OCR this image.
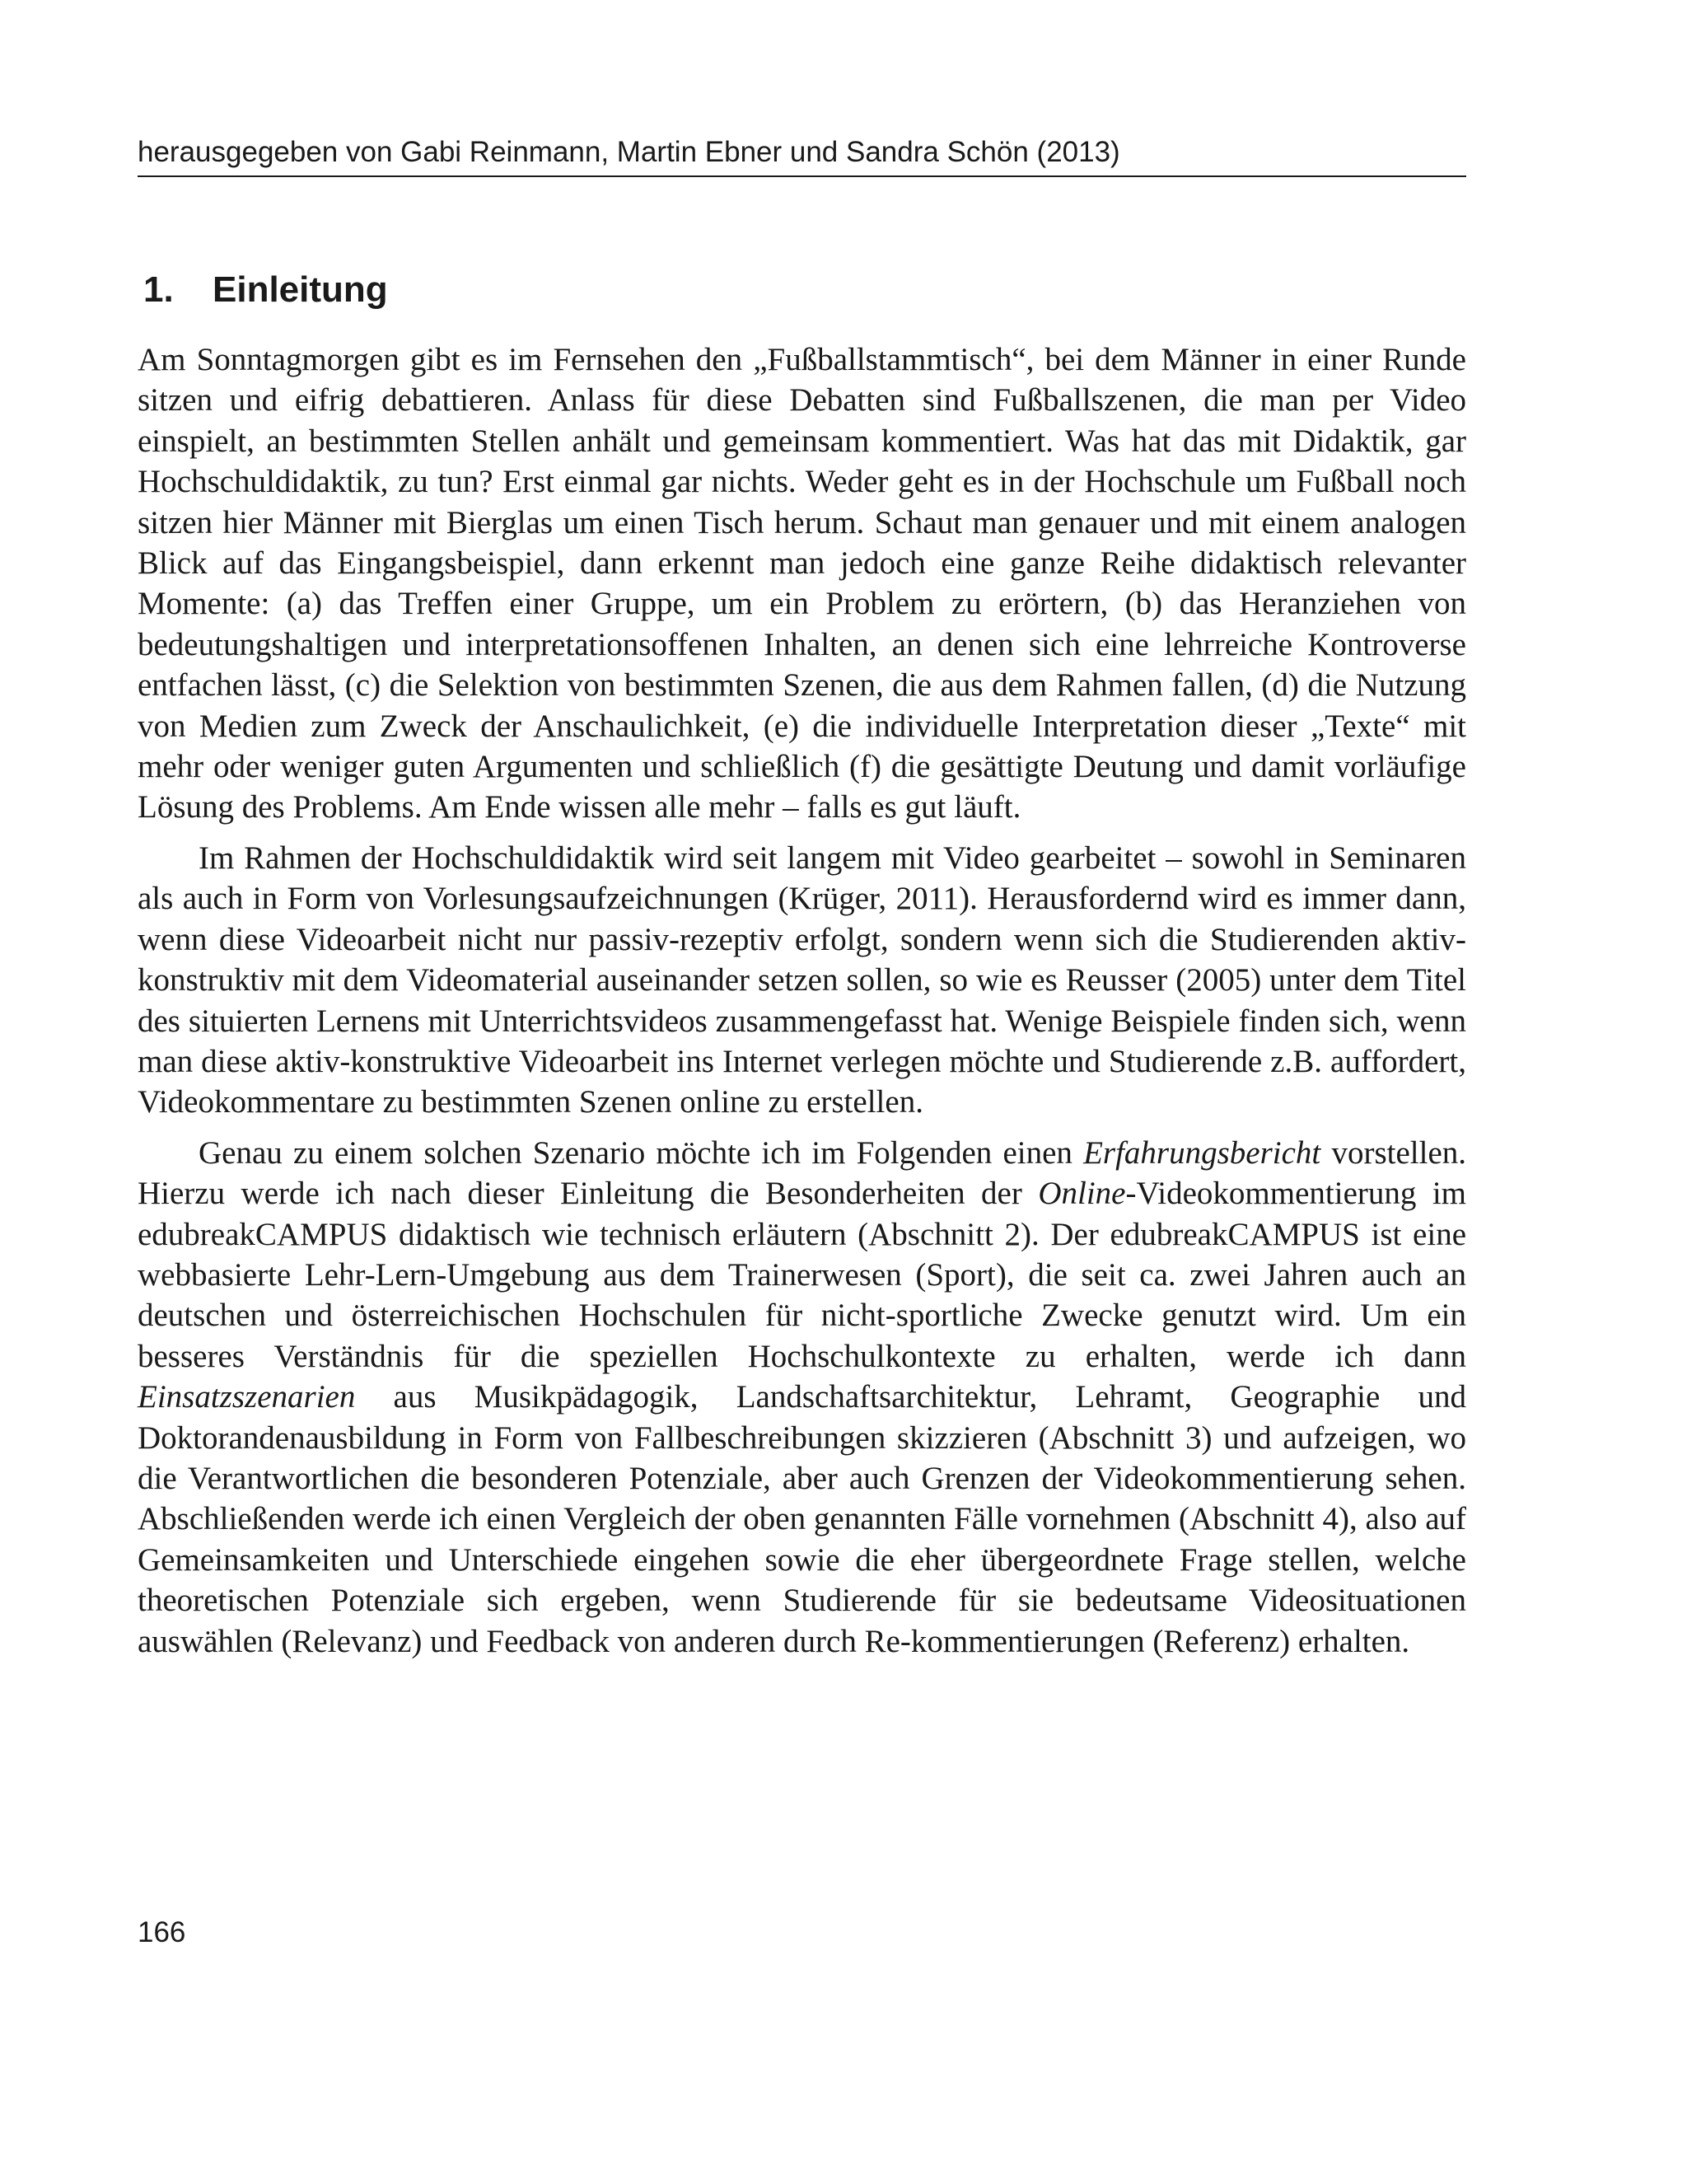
herausgegeben von Gabi Reinmann, Martin Ebner und Sandra Schön (2013)
1. Einleitung

Am Sonntagmorgen gibt es im Fernsehen den „Fußballstammtisch“, bei dem Männer in einer Runde sitzen und eifrig debattieren. Anlass für diese Debatten sind Fußballszenen, die man per Video einspielt, an bestimmten Stellen anhält und gemeinsam kommentiert. Was hat das mit Didaktik, gar Hochschuldidaktik, zu tun? Erst einmal gar nichts. Weder geht es in der Hochschule um Fußball noch sitzen hier Männer mit Bierglas um einen Tisch herum. Schaut man genauer und mit einem analogen Blick auf das Eingangsbeispiel, dann erkennt man jedoch eine ganze Reihe didaktisch relevanter Momente: (a) das Treffen einer Gruppe, um ein Problem zu erörtern, (b) das Heranziehen von bedeutungshaltigen und interpretationsoffenen Inhalten, an denen sich eine lehrreiche Kontroverse entfachen lässt, (c) die Selektion von bestimmten Szenen, die aus dem Rahmen fallen, (d) die Nutzung von Medien zum Zweck der Anschaulichkeit, (e) die individuelle Interpretation dieser „Texte“ mit mehr oder weniger guten Argumenten und schließlich (f) die gesättigte Deutung und damit vorläufige Lösung des Problems. Am Ende wissen alle mehr – falls es gut läuft.

Im Rahmen der Hochschuldidaktik wird seit langem mit Video gearbeitet – sowohl in Seminaren als auch in Form von Vorlesungsaufzeichnungen (Krüger, 2011). Herausfordernd wird es immer dann, wenn diese Videoarbeit nicht nur passiv-rezeptiv erfolgt, sondern wenn sich die Studierenden aktiv-konstruktiv mit dem Videomaterial auseinander setzen sollen, so wie es Reusser (2005) unter dem Titel des situierten Lernens mit Unterrichtsvideos zusammengefasst hat. Wenige Beispiele finden sich, wenn man diese aktiv-konstruktive Videoarbeit ins Internet verlegen möchte und Studierende z.B. auffordert, Videokommentare zu bestimmten Szenen online zu erstellen.

Genau zu einem solchen Szenario möchte ich im Folgenden einen Erfahrungsbericht vorstellen. Hierzu werde ich nach dieser Einleitung die Besonderheiten der Online-Videokommentierung im edubreakCAMPUS didaktisch wie technisch erläutern (Abschnitt 2). Der edubreakCAMPUS ist eine webbasierte Lehr-Lern-Umgebung aus dem Trainerwesen (Sport), die seit ca. zwei Jahren auch an deutschen und österreichischen Hochschulen für nicht-sportliche Zwecke genutzt wird. Um ein besseres Verständnis für die speziellen Hochschulkontexte zu erhalten, werde ich dann Einsatzszenarien aus Musikpädagogik, Landschaftsarchitektur, Lehramt, Geographie und Doktorandenausbildung in Form von Fallbeschreibungen skizzieren (Abschnitt 3) und aufzeigen, wo die Verantwortlichen die besonderen Potenziale, aber auch Grenzen der Videokommentierung sehen. Abschließenden werde ich einen Vergleich der oben genannten Fälle vornehmen (Abschnitt 4), also auf Gemeinsamkeiten und Unterschiede eingehen sowie die eher übergeordnete Frage stellen, welche theoretischen Potenziale sich ergeben, wenn Studierende für sie bedeutsame Videosituationen auswählen (Relevanz) und Feedback von anderen durch Re-kommentierungen (Referenz) erhalten.

166
